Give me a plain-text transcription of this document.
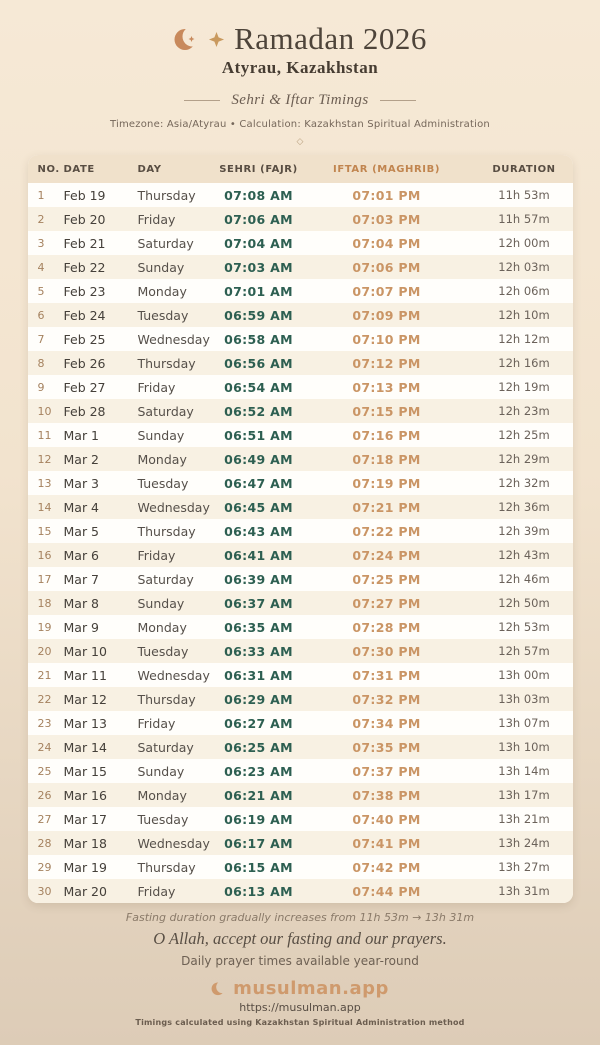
Ramadan 2026
Atyrau, Kazakhstan
Sehri & Iftar Timings
Timezone: Asia/Atyrau • Calculation: Kazakhstan Spiritual Administration
◇
NO.	DATE	DAY	SEHRI (FAJR)	IFTAR (MAGHRIB)	DURATION
1	Feb 19	Thursday	07:08 AM	07:01 PM	11h 53m
2	Feb 20	Friday	07:06 AM	07:03 PM	11h 57m
3	Feb 21	Saturday	07:04 AM	07:04 PM	12h 00m
4	Feb 22	Sunday	07:03 AM	07:06 PM	12h 03m
5	Feb 23	Monday	07:01 AM	07:07 PM	12h 06m
6	Feb 24	Tuesday	06:59 AM	07:09 PM	12h 10m
7	Feb 25	Wednesday	06:58 AM	07:10 PM	12h 12m
8	Feb 26	Thursday	06:56 AM	07:12 PM	12h 16m
9	Feb 27	Friday	06:54 AM	07:13 PM	12h 19m
10	Feb 28	Saturday	06:52 AM	07:15 PM	12h 23m
11	Mar 1	Sunday	06:51 AM	07:16 PM	12h 25m
12	Mar 2	Monday	06:49 AM	07:18 PM	12h 29m
13	Mar 3	Tuesday	06:47 AM	07:19 PM	12h 32m
14	Mar 4	Wednesday	06:45 AM	07:21 PM	12h 36m
15	Mar 5	Thursday	06:43 AM	07:22 PM	12h 39m
16	Mar 6	Friday	06:41 AM	07:24 PM	12h 43m
17	Mar 7	Saturday	06:39 AM	07:25 PM	12h 46m
18	Mar 8	Sunday	06:37 AM	07:27 PM	12h 50m
19	Mar 9	Monday	06:35 AM	07:28 PM	12h 53m
20	Mar 10	Tuesday	06:33 AM	07:30 PM	12h 57m
21	Mar 11	Wednesday	06:31 AM	07:31 PM	13h 00m
22	Mar 12	Thursday	06:29 AM	07:32 PM	13h 03m
23	Mar 13	Friday	06:27 AM	07:34 PM	13h 07m
24	Mar 14	Saturday	06:25 AM	07:35 PM	13h 10m
25	Mar 15	Sunday	06:23 AM	07:37 PM	13h 14m
26	Mar 16	Monday	06:21 AM	07:38 PM	13h 17m
27	Mar 17	Tuesday	06:19 AM	07:40 PM	13h 21m
28	Mar 18	Wednesday	06:17 AM	07:41 PM	13h 24m
29	Mar 19	Thursday	06:15 AM	07:42 PM	13h 27m
30	Mar 20	Friday	06:13 AM	07:44 PM	13h 31m
Fasting duration gradually increases from 11h 53m → 13h 31m
O Allah, accept our fasting and our prayers.
Daily prayer times available year-round
musulman.app
https://musulman.app
Timings calculated using Kazakhstan Spiritual Administration method
